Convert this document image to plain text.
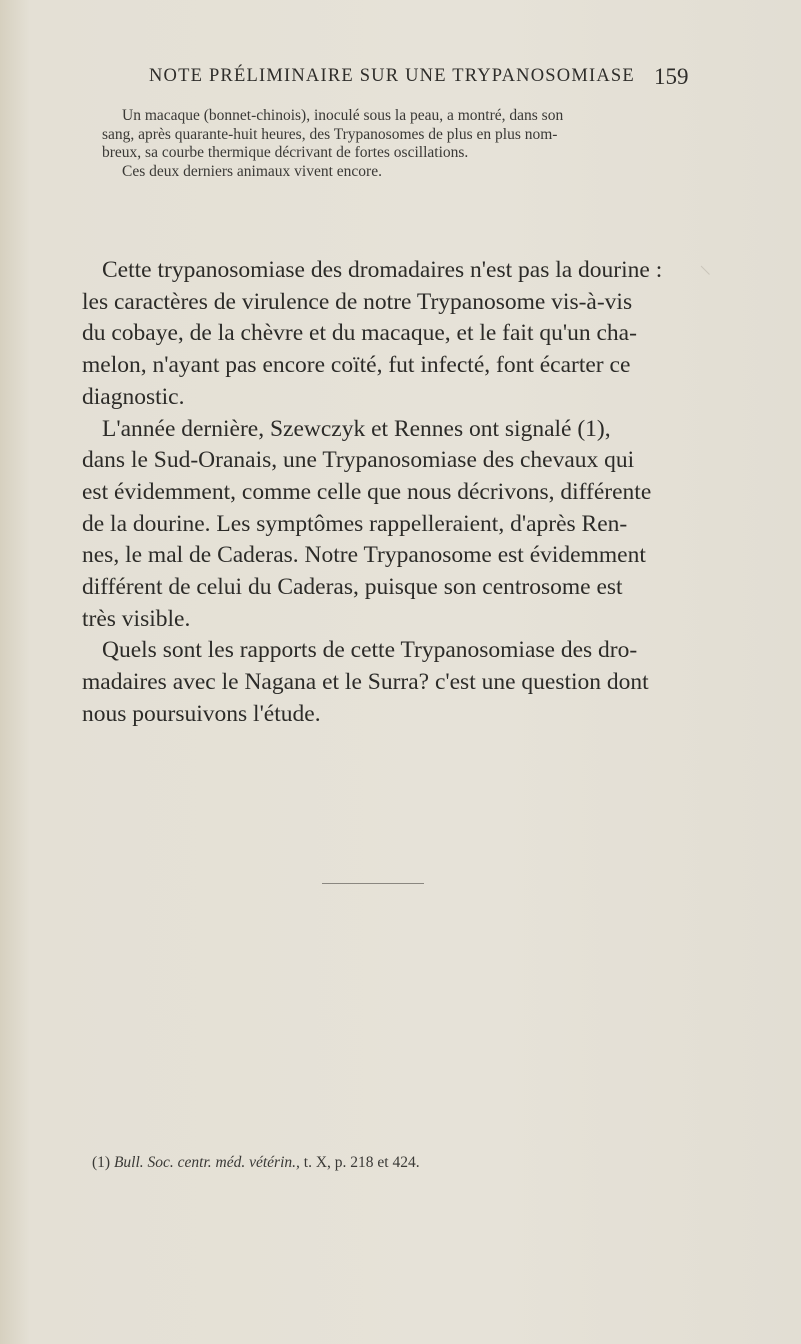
NOTE PRÉLIMINAIRE SUR UNE TRYPANOSOMIASE 159

Un macaque (bonnet-chinois), inoculé sous la peau, a montré, dans son

sang, après quarante-huit heures, des Trypanosomes de plus en plus nom-

breux, sa courbe thermique décrivant de fortes oscillations.

Ces deux derniers animaux vivent encore.

Cette trypanosomiase des dromadaires n'est pas la dourine :

les caractères de virulence de notre Trypanosome vis-à-vis

du cobaye, de la chèvre et du macaque, et le fait qu'un cha-

melon, n'ayant pas encore coïté, fut infecté, font écarter ce

diagnostic.

L'année dernière, Szewczyk et Rennes ont signalé (1),

dans le Sud-Oranais, une Trypanosomiase des chevaux qui

est évidemment, comme celle que nous décrivons, différente

de la dourine. Les symptômes rappelleraient, d'après Ren-

nes, le mal de Caderas. Notre Trypanosome est évidemment

différent de celui du Caderas, puisque son centrosome est

très visible.

Quels sont les rapports de cette Trypanosomiase des dro-

madaires avec le Nagana et le Surra? c'est une question dont

nous poursuivons l'étude.

(1) Bull. Soc. centr. méd. vétérin., t. X, p. 218 et 424.
